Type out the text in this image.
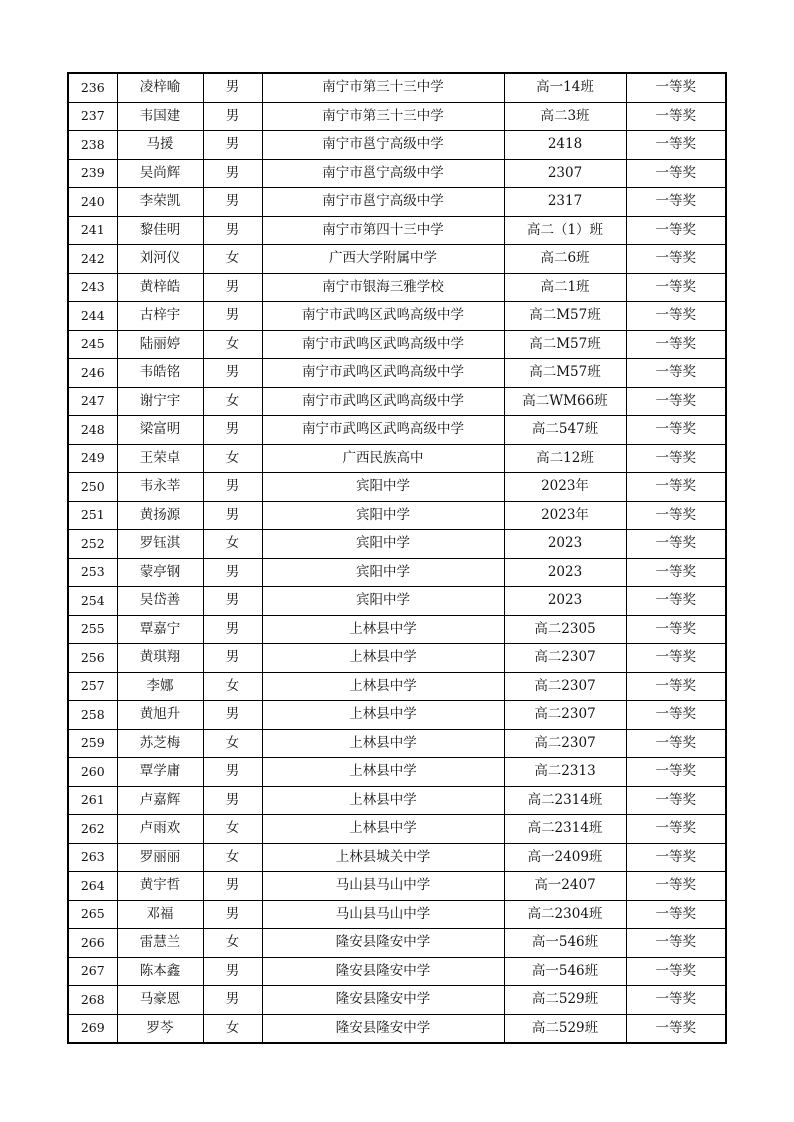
236	凌梓喻	男	南宁市第三十三中学	高一14班	一等奖
237	韦国建	男	南宁市第三十三中学	高二3班	一等奖
238	马援	男	南宁市邕宁高级中学	2418	一等奖
239	吴尚辉	男	南宁市邕宁高级中学	2307	一等奖
240	李荣凯	男	南宁市邕宁高级中学	2317	一等奖
241	黎佳明	男	南宁市第四十三中学	高二（1）班	一等奖
242	刘河仪	女	广西大学附属中学	高二6班	一等奖
243	黄梓皓	男	南宁市银海三雅学校	高二1班	一等奖
244	古梓宇	男	南宁市武鸣区武鸣高级中学	高二M57班	一等奖
245	陆丽婷	女	南宁市武鸣区武鸣高级中学	高二M57班	一等奖
246	韦皓铭	男	南宁市武鸣区武鸣高级中学	高二M57班	一等奖
247	谢宁宇	女	南宁市武鸣区武鸣高级中学	高二WM66班	一等奖
248	梁富明	男	南宁市武鸣区武鸣高级中学	高二547班	一等奖
249	王荣卓	女	广西民族高中	高二12班	一等奖
250	韦永莘	男	宾阳中学	2023年	一等奖
251	黄扬源	男	宾阳中学	2023年	一等奖
252	罗钰淇	女	宾阳中学	2023	一等奖
253	蒙亭钢	男	宾阳中学	2023	一等奖
254	吴岱善	男	宾阳中学	2023	一等奖
255	覃嘉宁	男	上林县中学	高二2305	一等奖
256	黄琪翔	男	上林县中学	高二2307	一等奖
257	李娜	女	上林县中学	高二2307	一等奖
258	黄旭升	男	上林县中学	高二2307	一等奖
259	苏芝梅	女	上林县中学	高二2307	一等奖
260	覃学庸	男	上林县中学	高二2313	一等奖
261	卢嘉辉	男	上林县中学	高二2314班	一等奖
262	卢雨欢	女	上林县中学	高二2314班	一等奖
263	罗丽丽	女	上林县城关中学	高一2409班	一等奖
264	黄宇哲	男	马山县马山中学	高一2407	一等奖
265	邓福	男	马山县马山中学	高二2304班	一等奖
266	雷慧兰	女	隆安县隆安中学	高一546班	一等奖
267	陈本鑫	男	隆安县隆安中学	高一546班	一等奖
268	马豪恩	男	隆安县隆安中学	高二529班	一等奖
269	罗芩	女	隆安县隆安中学	高二529班	一等奖
